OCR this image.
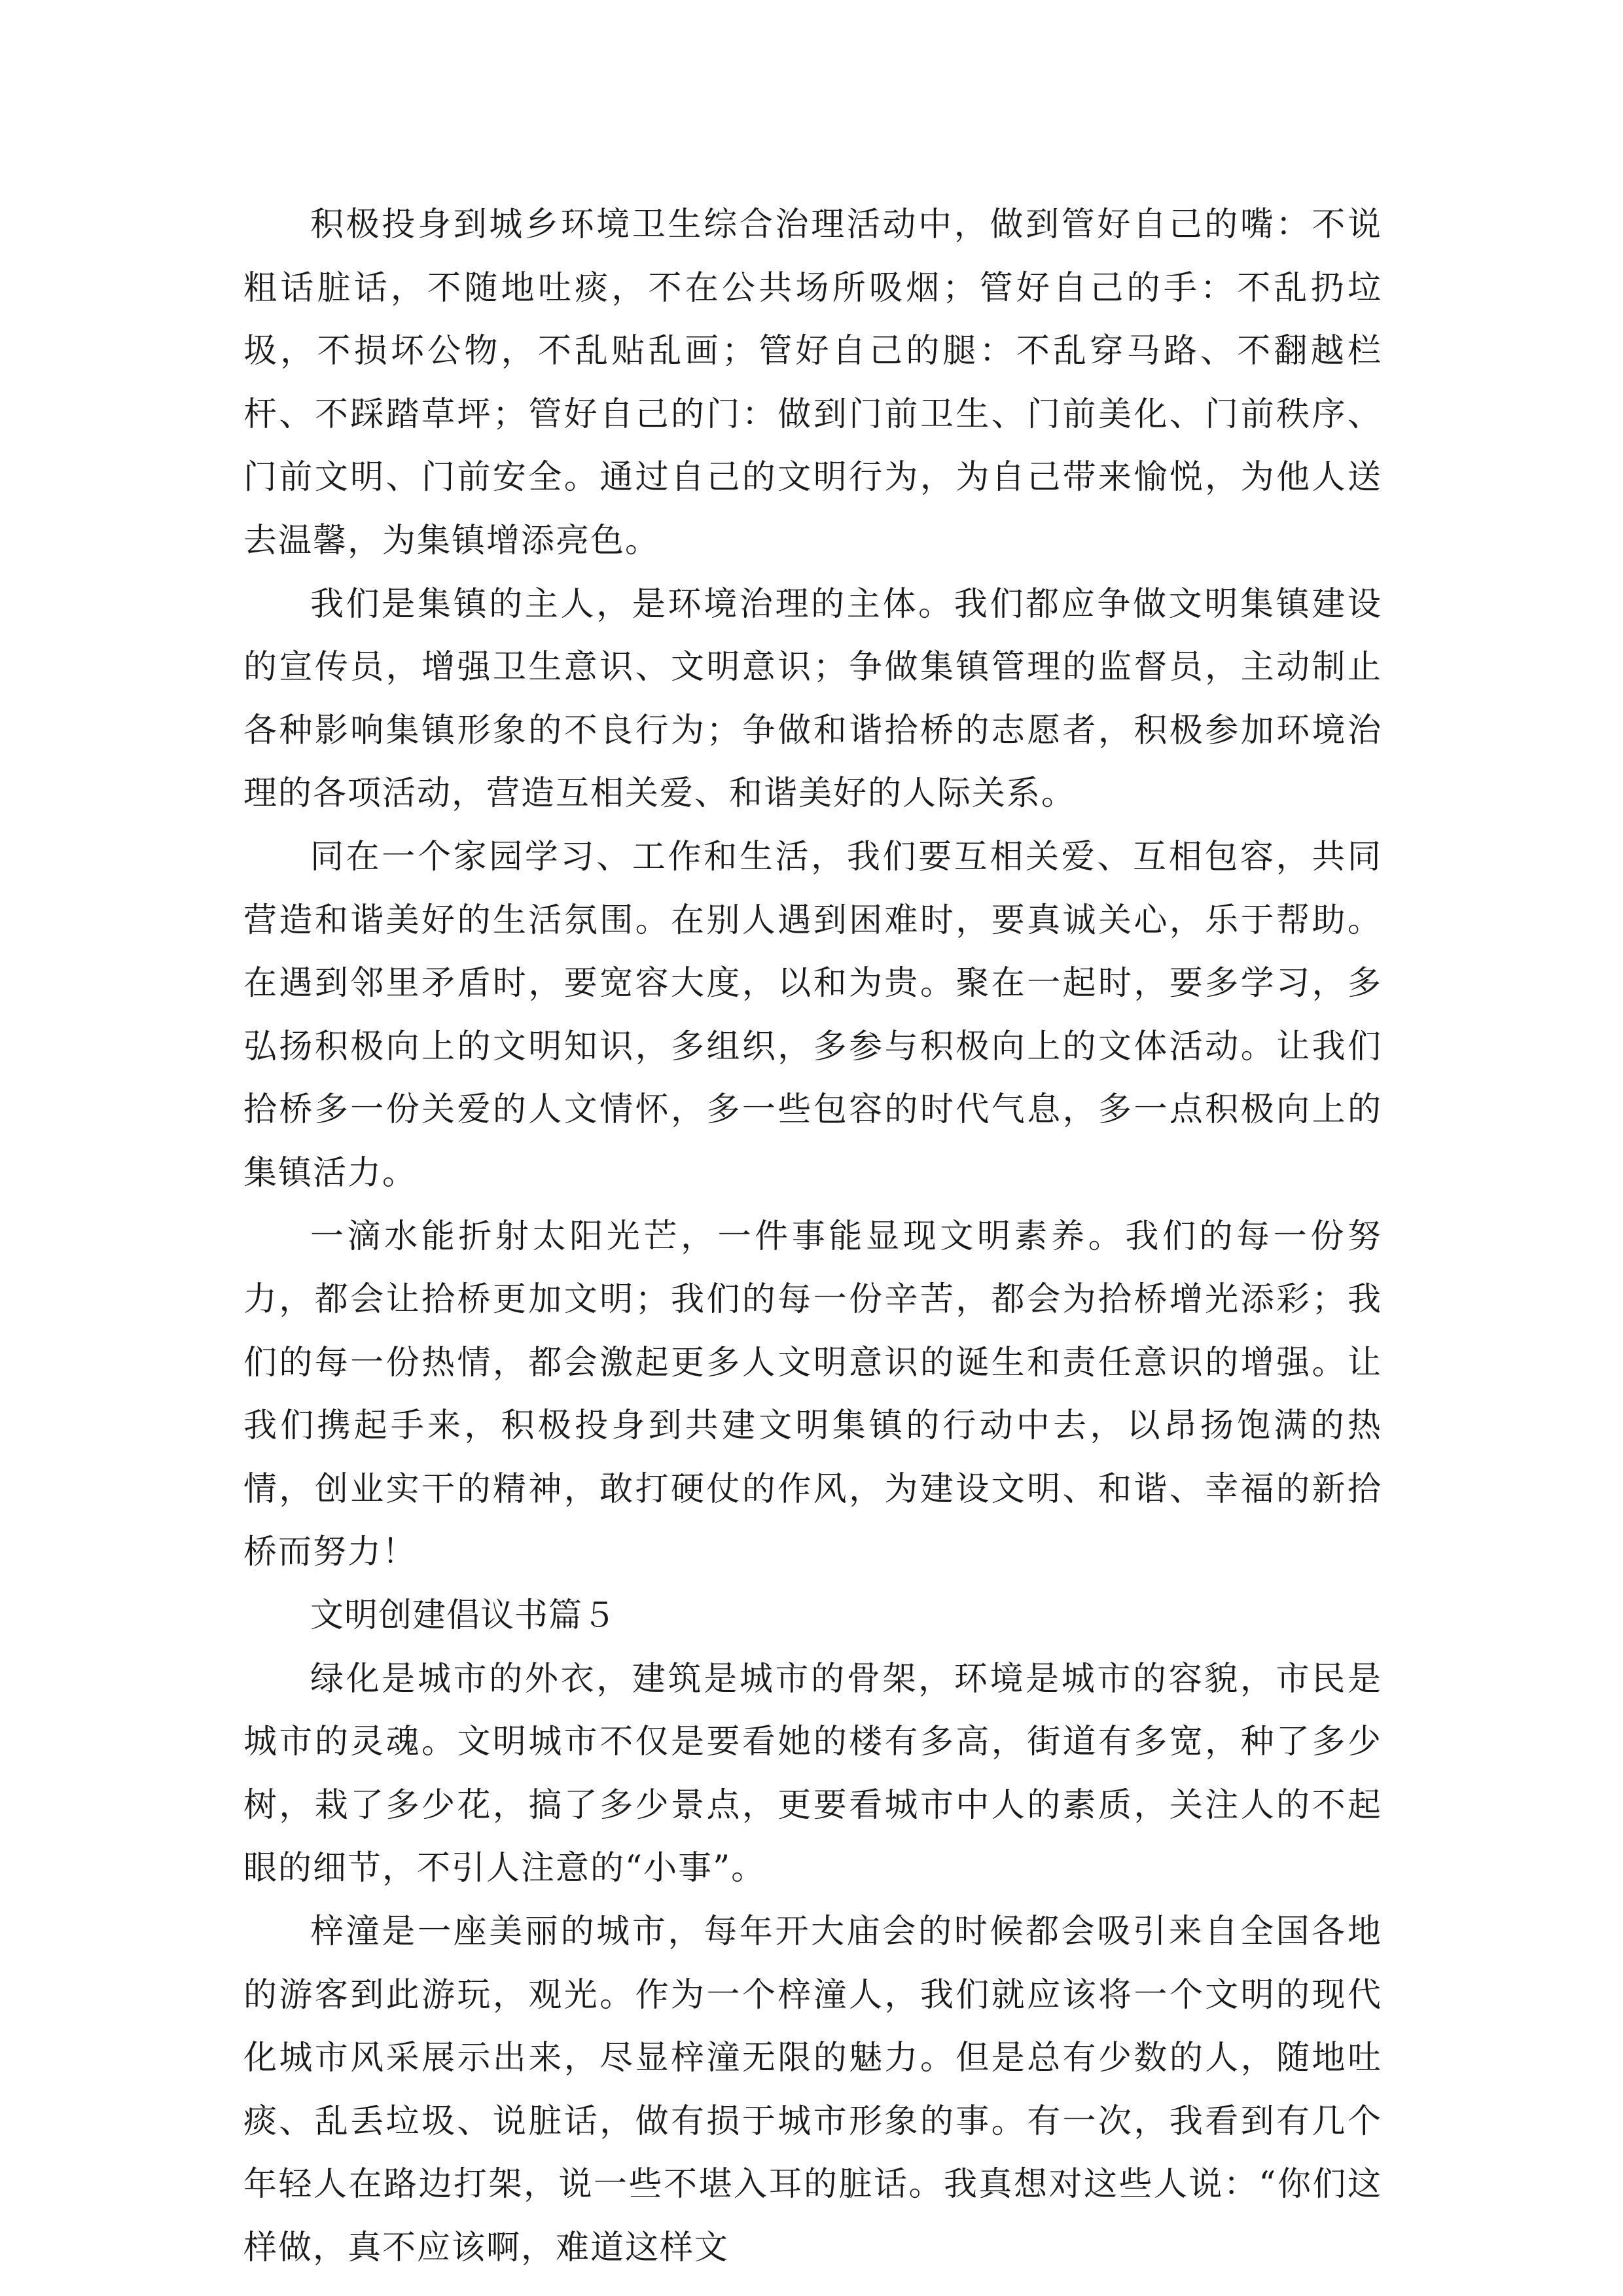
积极投身到城乡环境卫生综合治理活动中，做到管好自己的嘴：不说粗话脏话，不随地吐痰，不在公共场所吸烟；管好自己的手：不乱扔垃圾，不损坏公物，不乱贴乱画；管好自己的腿：不乱穿马路、不翻越栏杆、不踩踏草坪；管好自己的门：做到门前卫生、门前美化、门前秩序、门前文明、门前安全。通过自己的文明行为，为自己带来愉悦，为他人送去温馨，为集镇增添亮色。

我们是集镇的主人，是环境治理的主体。我们都应争做文明集镇建设的宣传员，增强卫生意识、文明意识；争做集镇管理的监督员，主动制止各种影响集镇形象的不良行为；争做和谐拾桥的志愿者，积极参加环境治理的各项活动，营造互相关爱、和谐美好的人际关系。

同在一个家园学习、工作和生活，我们要互相关爱、互相包容，共同营造和谐美好的生活氛围。在别人遇到困难时，要真诚关心，乐于帮助。在遇到邻里矛盾时，要宽容大度，以和为贵。聚在一起时，要多学习，多弘扬积极向上的文明知识，多组织，多参与积极向上的文体活动。让我们拾桥多一份关爱的人文情怀，多一些包容的时代气息，多一点积极向上的集镇活力。

一滴水能折射太阳光芒，一件事能显现文明素养。我们的每一份努力，都会让拾桥更加文明；我们的每一份辛苦，都会为拾桥增光添彩；我们的每一份热情，都会激起更多人文明意识的诞生和责任意识的增强。让我们携起手来，积极投身到共建文明集镇的行动中去，以昂扬饱满的热情，创业实干的精神，敢打硬仗的作风，为建设文明、和谐、幸福的新拾桥而努力！

文明创建倡议书篇５

绿化是城市的外衣，建筑是城市的骨架，环境是城市的容貌，市民是城市的灵魂。文明城市不仅是要看她的楼有多高，街道有多宽，种了多少树，栽了多少花，搞了多少景点，更要看城市中人的素质，关注人的不起眼的细节，不引人注意的“小事”。

梓潼是一座美丽的城市，每年开大庙会的时候都会吸引来自全国各地的游客到此游玩，观光。作为一个梓潼人，我们就应该将一个文明的现代化城市风采展示出来，尽显梓潼无限的魅力。但是总有少数的人，随地吐痰、乱丢垃圾、说脏话，做有损于城市形象的事。有一次，我看到有几个年轻人在路边打架，说一些不堪入耳的脏话。我真想对这些人说：“你们这样做，真不应该啊，难道这样文
